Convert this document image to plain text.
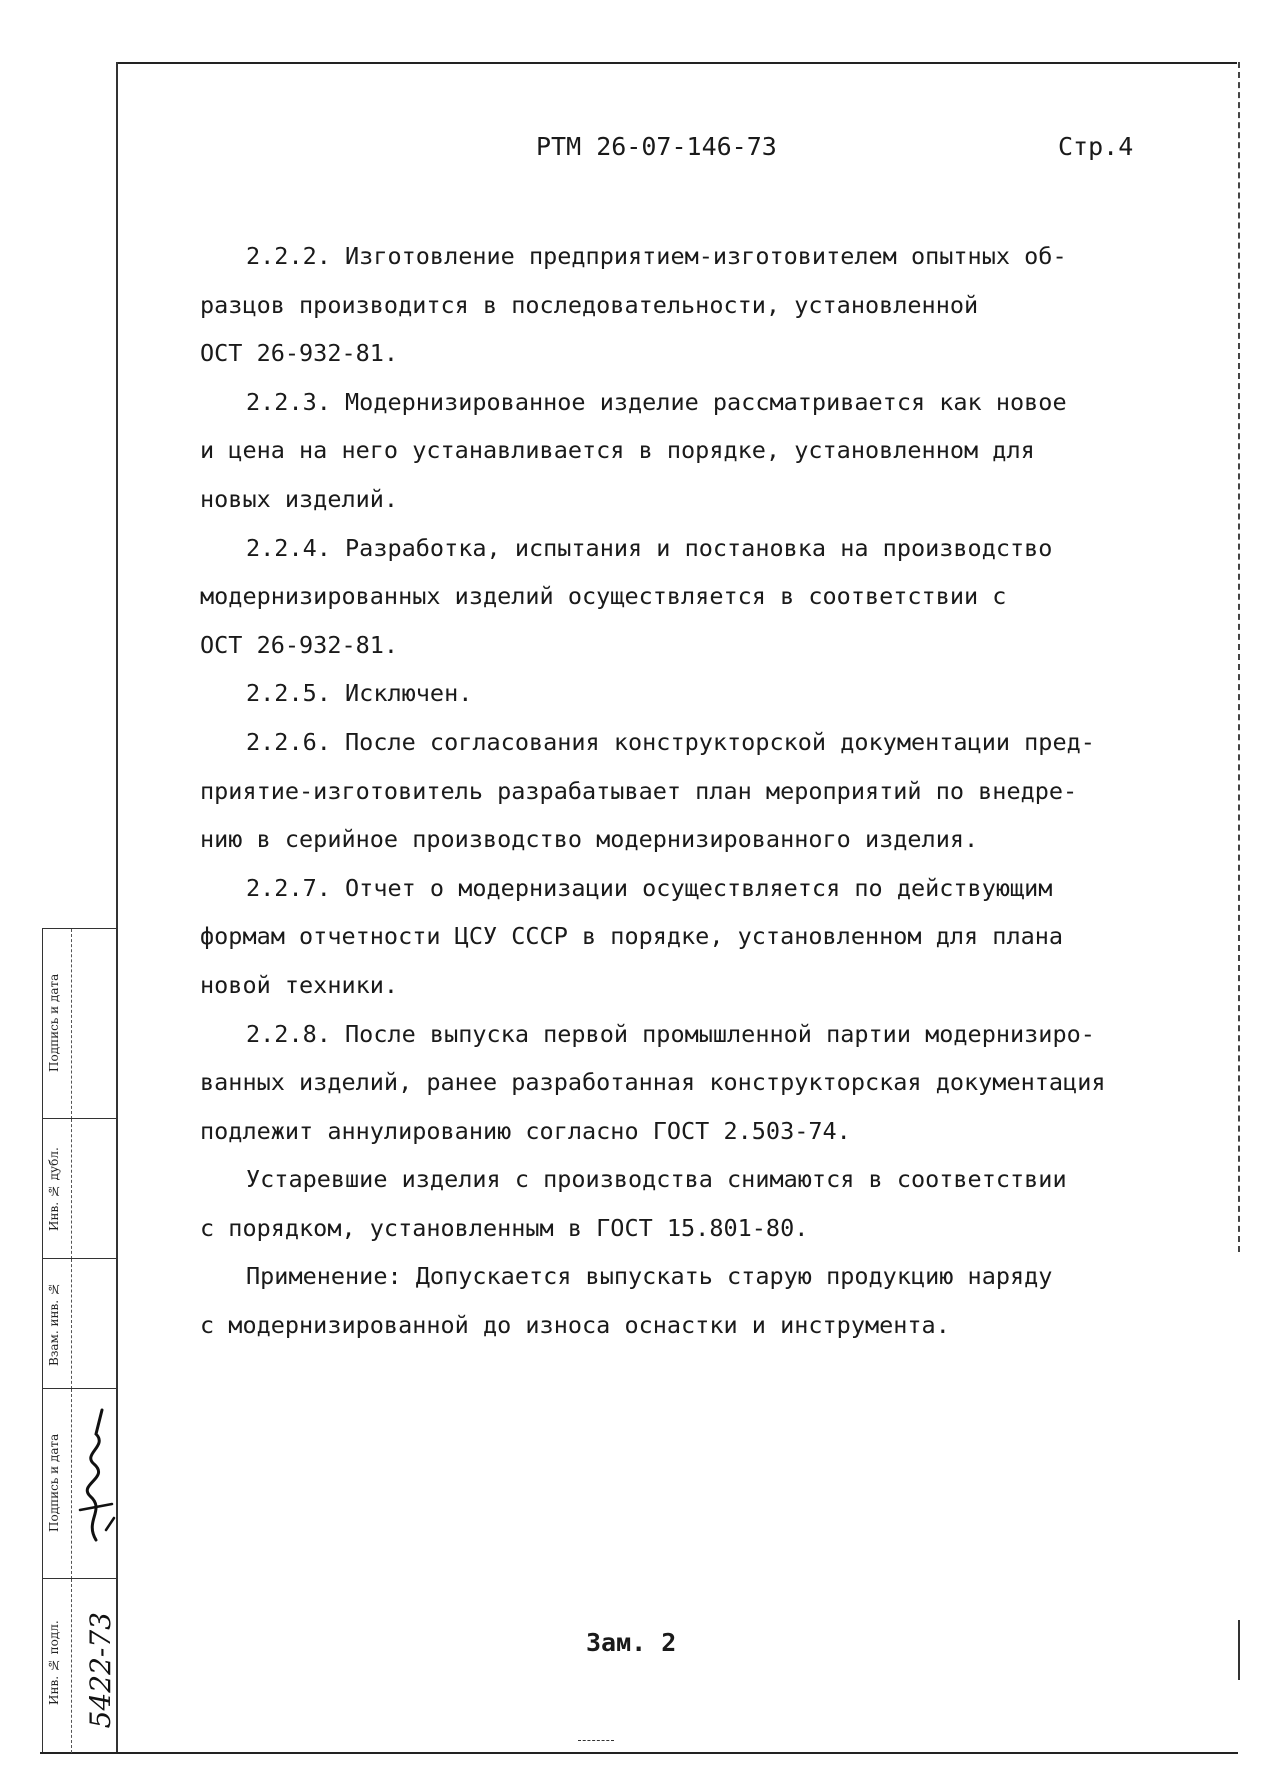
РТМ 26-07-146-73	Стр.4
2.2.2. Изготовление предприятием-изготовителем опытных об-
разцов производится в последовательности, установленной
ОСТ 26-932-81.
2.2.3. Модернизированное изделие рассматривается как новое
и цена на него устанавливается в порядке, установленном для
новых изделий.
2.2.4. Разработка, испытания и постановка на производство
модернизированных изделий осуществляется в соответствии с
ОСТ 26-932-81.
2.2.5. Исключен.
2.2.6. После согласования конструкторской документации пред-
приятие-изготовитель разрабатывает план мероприятий по внедре-
нию в серийное производство модернизированного изделия.
2.2.7. Отчет о модернизации осуществляется по действующим
формам отчетности ЦСУ СССР в порядке, установленном для плана
новой техники.
2.2.8. После выпуска первой промышленной партии модернизиро-
ванных изделий, ранее разработанная конструкторская документация
подлежит аннулированию согласно ГОСТ 2.503-74.
Устаревшие изделия с производства снимаются в соответствии
с порядком, установленным в ГОСТ 15.801-80.
Применение: Допускается выпускать старую продукцию наряду
с модернизированной до износа оснастки и инструмента.
Зам. 2
Подпись и дата
Инв. № дубл.
Взам. инв. №
Подпись и дата
Инв. № подл. 5422-73
